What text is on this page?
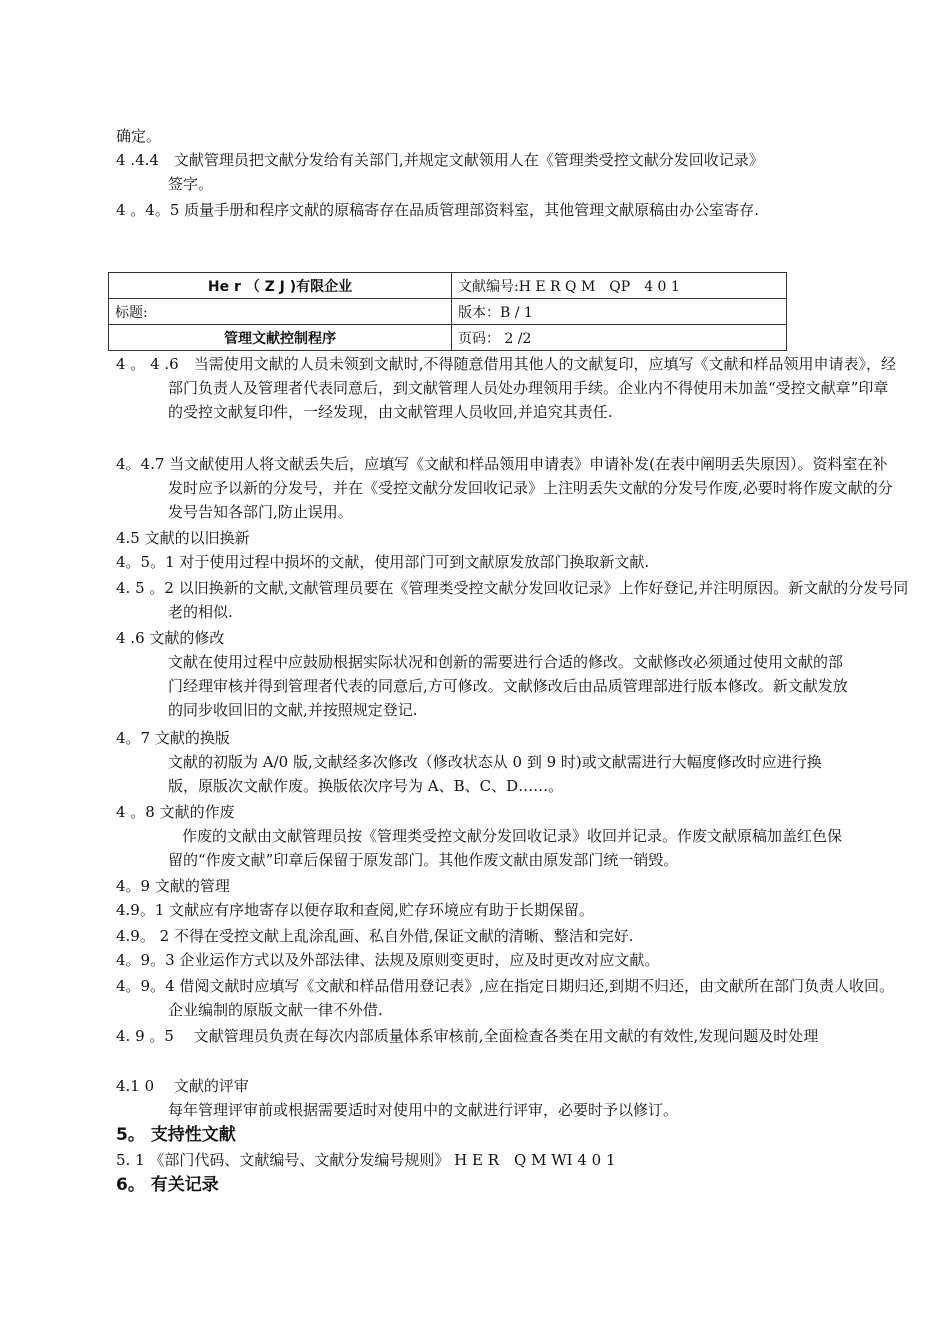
确定。
4 .4.4　文献管理员把文献分发给有关部门,并规定文献领用人在《管理类受控文献分发回收记录》
签字。
4 。4。5 质量手册和程序文献的原稿寄存在品质管理部资料室，其他管理文献原稿由办公室寄存.
He r （ Z J )有限企业	文献编号:H E R Q M　QP　4 0 1
标题:	版本：B / 1
管理文献控制程序	页码： 2 /2
4 。 4 .6　当需使用文献的人员未领到文献时,不得随意借用其他人的文献复印，应填写《文献和样品领用申请表》，经部门负责人及管理者代表同意后，到文献管理人员处办理领用手续。企业内不得使用未加盖“受控文献章”印章的受控文献复印件，一经发现，由文献管理人员收回,并追究其责任.
4。4.7 当文献使用人将文献丢失后，应填写《文献和样品领用申请表》申请补发(在表中阐明丢失原因）。资料室在补发时应予以新的分发号，并在《受控文献分发回收记录》上注明丢失文献的分发号作废,必要时将作废文献的分发号告知各部门,防止误用。
4.5 文献的以旧换新
4。5。1 对于使用过程中损坏的文献，使用部门可到文献原发放部门换取新文献.
4. 5 。2 以旧换新的文献,文献管理员要在《管理类受控文献分发回收记录》上作好登记,并注明原因。新文献的分发号同老的相似.
4 .6 文献的修改
文献在使用过程中应鼓励根据实际状况和创新的需要进行合适的修改。文献修改必须通过使用文献的部门经理审核并得到管理者代表的同意后,方可修改。文献修改后由品质管理部进行版本修改。新文献发放的同步收回旧的文献,并按照规定登记.
4。7 文献的换版
文献的初版为 A/0 版,文献经多次修改（修改状态从 0 到 9 时)或文献需进行大幅度修改时应进行换版，原版次文献作废。换版依次序号为 A、B、C、D……。
4 。8 文献的作废
作废的文献由文献管理员按《管理类受控文献分发回收记录》收回并记录。作废文献原稿加盖红色保留的“作废文献”印章后保留于原发部门。其他作废文献由原发部门统一销毁。
4。9 文献的管理
4.9。1 文献应有序地寄存以便存取和查阅,贮存环境应有助于长期保留。
4.9。 2 不得在受控文献上乱涂乱画、私自外借,保证文献的清晰、整洁和完好.
4。9。3 企业运作方式以及外部法律、法规及原则变更时，应及时更改对应文献。
4。9。4 借阅文献时应填写《文献和样品借用登记表》,应在指定日期归还,到期不归还，由文献所在部门负责人收回。　　企业编制的原版文献一律不外借.
4. 9 。5　 文献管理员负责在每次内部质量体系审核前,全面检查各类在用文献的有效性,发现问题及时处理
4.1 0　 文献的评审
每年管理评审前或根据需要适时对使用中的文献进行评审，必要时予以修订。
5。 支持性文献
5. 1 《部门代码、文献编号、文献分发编号规则》 H E R　Q M WI 4 0 1
6。 有关记录
